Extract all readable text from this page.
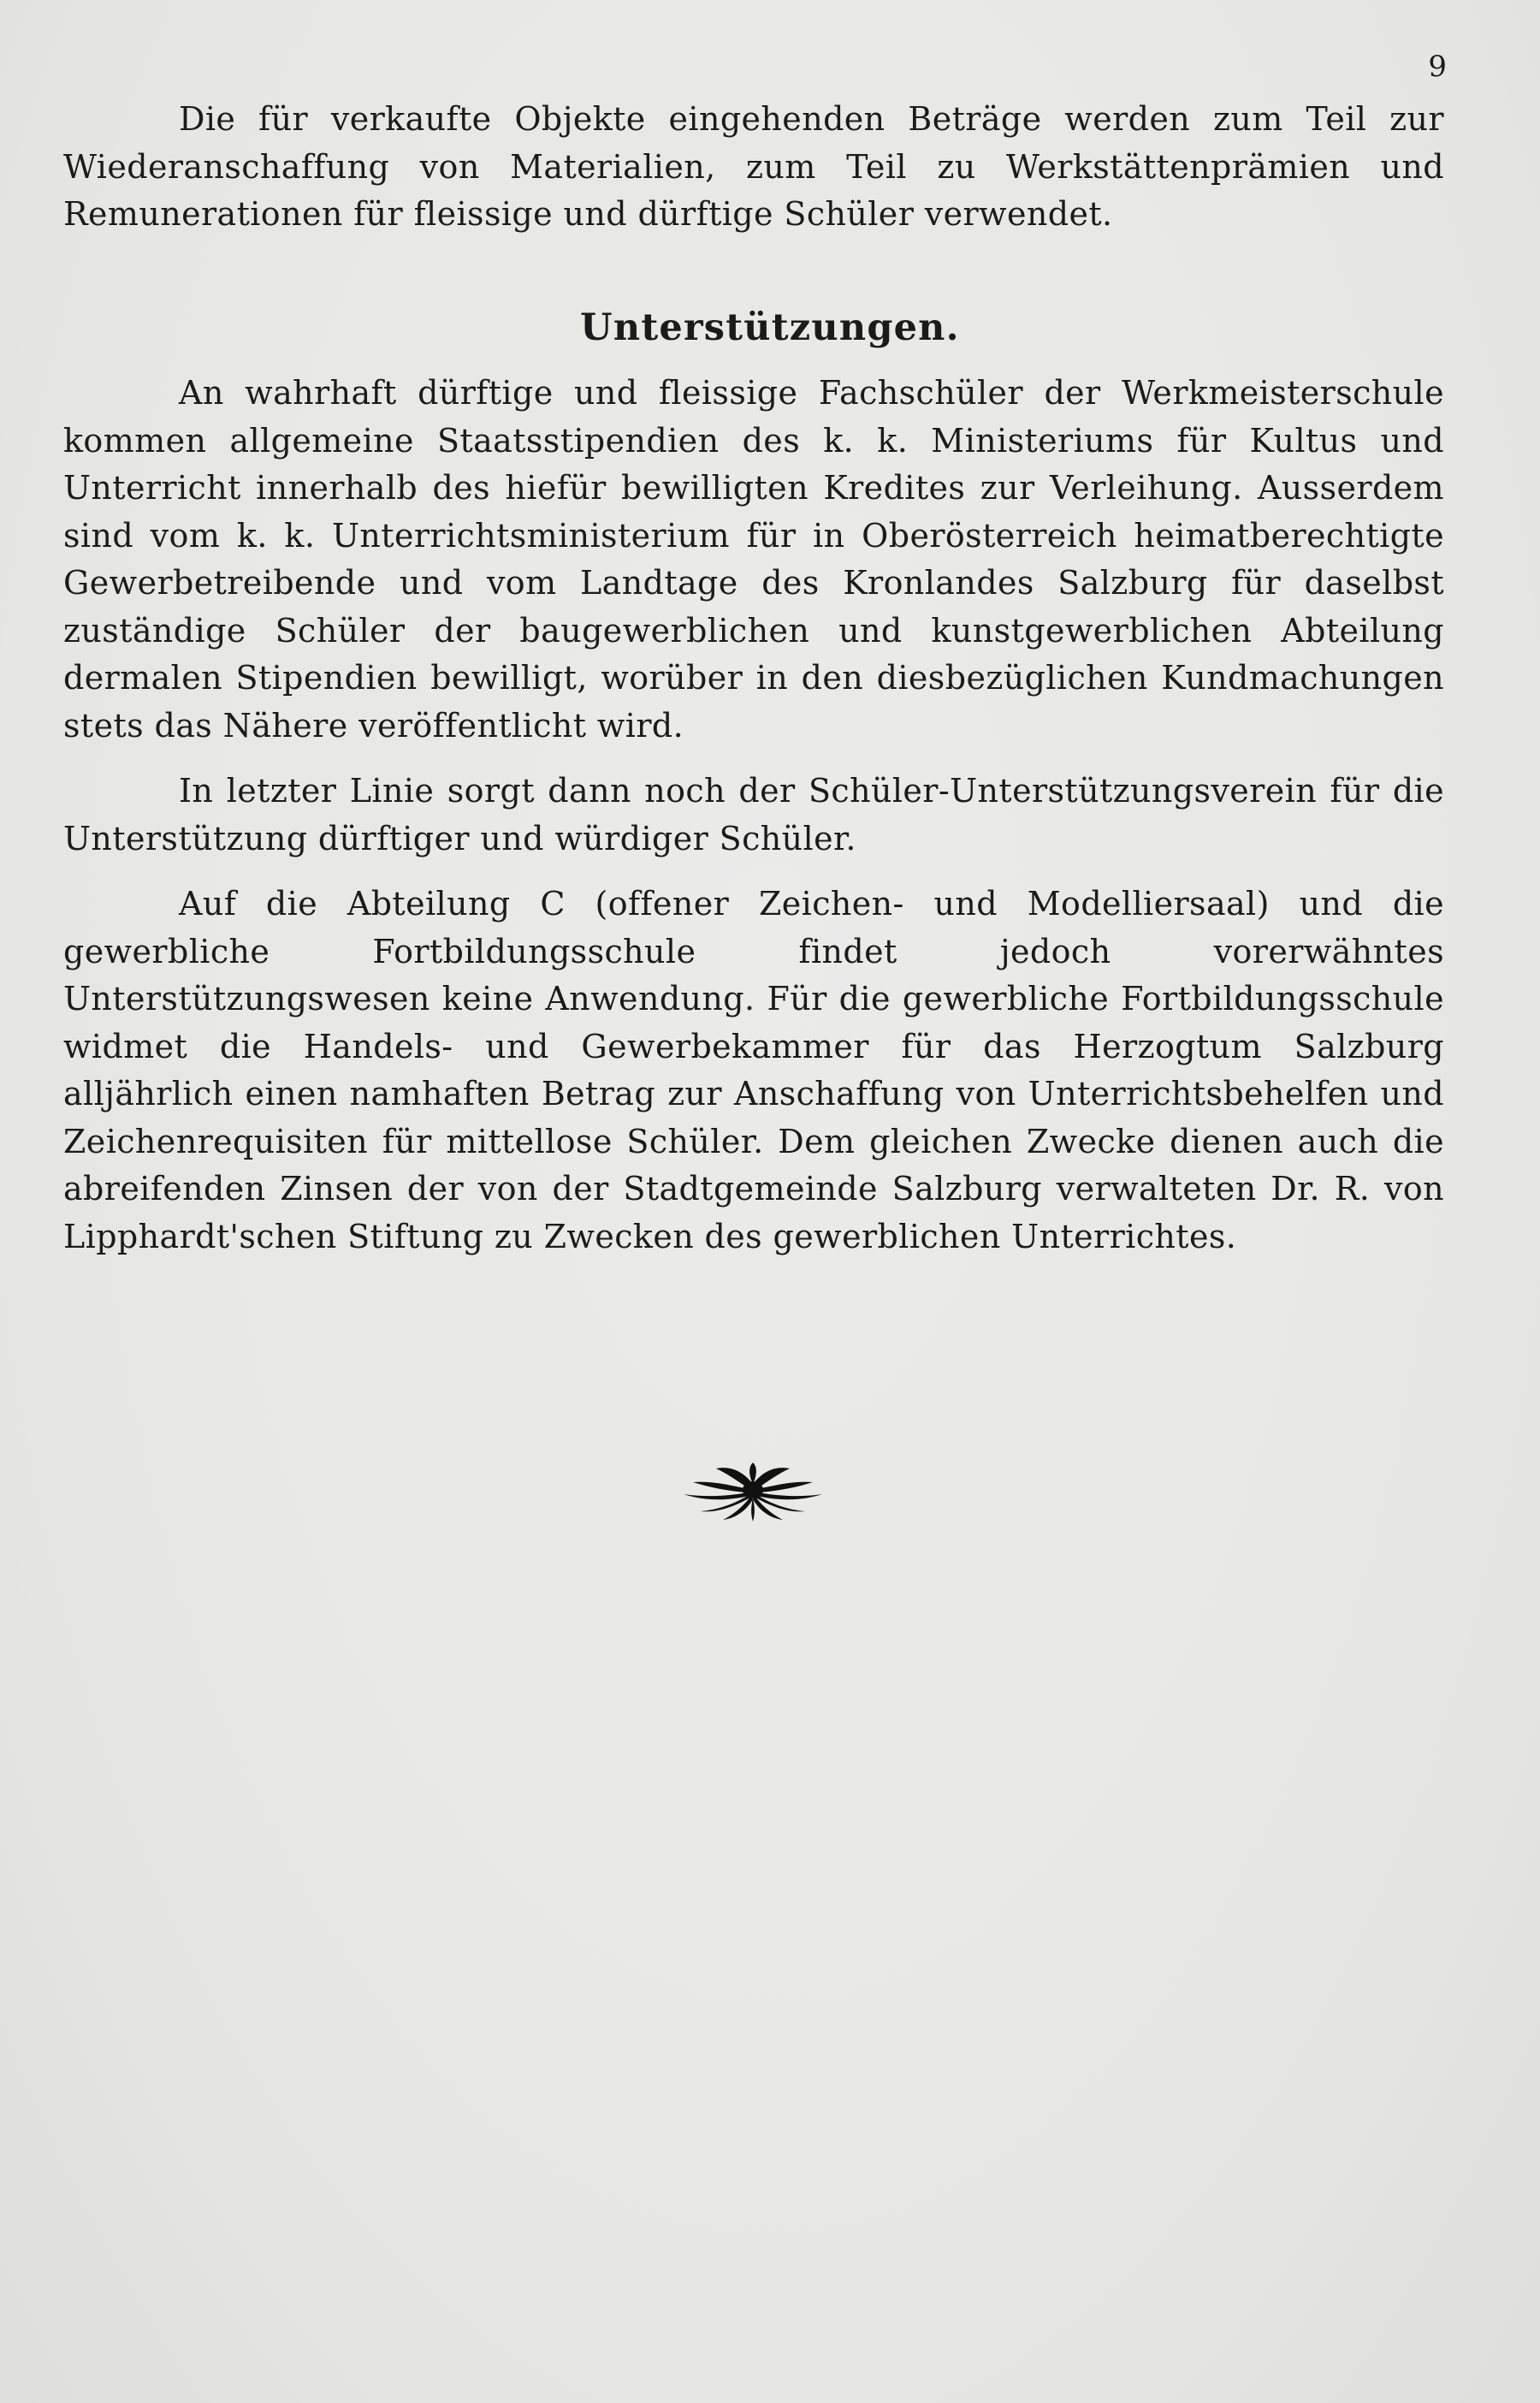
9

Die für verkaufte Objekte eingehenden Beträge werden zum Teil zur Wiederanschaffung von Materialien, zum Teil zu Werkstättenprämien und Remunerationen für fleissige und dürftige Schüler verwendet.

Unterstützungen.

An wahrhaft dürftige und fleissige Fachschüler der Werkmeisterschule kommen allgemeine Staatsstipendien des k. k. Ministeriums für Kultus und Unterricht innerhalb des hiefür bewilligten Kredites zur Verleihung. Ausserdem sind vom k. k. Unterrichtsministerium für in Oberösterreich heimatberechtigte Gewerbetreibende und vom Landtage des Kronlandes Salzburg für daselbst zuständige Schüler der baugewerblichen und kunstgewerblichen Abteilung dermalen Stipendien bewilligt, worüber in den diesbezüglichen Kundmachungen stets das Nähere veröffentlicht wird.

In letzter Linie sorgt dann noch der Schüler-Unterstützungsverein für die Unterstützung dürftiger und würdiger Schüler.

Auf die Abteilung C (offener Zeichen- und Modelliersaal) und die gewerbliche Fortbildungsschule findet jedoch vorerwähntes Unterstützungswesen keine Anwendung. Für die gewerbliche Fortbildungsschule widmet die Handels- und Gewerbekammer für das Herzogtum Salzburg alljährlich einen namhaften Betrag zur Anschaffung von Unterrichtsbehelfen und Zeichenrequisiten für mittellose Schüler. Dem gleichen Zwecke dienen auch die abreifenden Zinsen der von der Stadtgemeinde Salzburg verwalteten Dr. R. von Lipphardt'schen Stiftung zu Zwecken des gewerblichen Unterrichtes.
